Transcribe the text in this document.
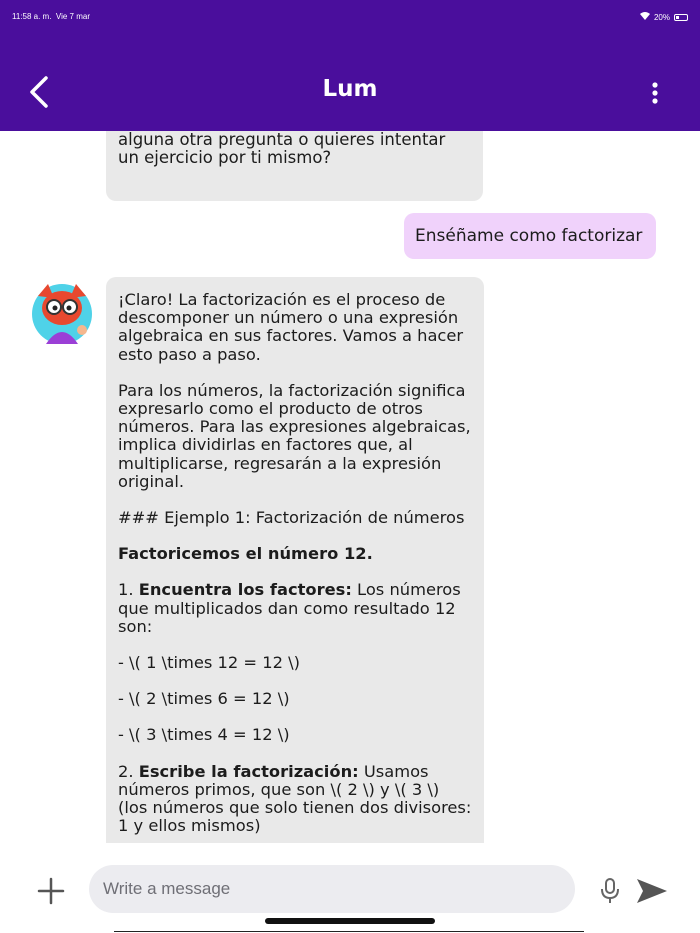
11:58 a. m. Vie 7 mar	20%
Lum
alguna otra pregunta o quieres intentar
un ejercicio por ti mismo?
Enséñame como factorizar

¡Claro! La factorización es el proceso de descomponer un número o una expresión algebraica en sus factores. Vamos a hacer esto paso a paso.

Para los números, la factorización significa expresarlo como el producto de otros números. Para las expresiones algebraicas, implica dividirlas en factores que, al multiplicarse, regresarán a la expresión original.

### Ejemplo 1: Factorización de números

Factoricemos el número 12.

1. Encuentra los factores: Los números que multiplicados dan como resultado 12 son:

- \( 1 \times 12 = 12 \)

- \( 2 \times 6 = 12 \)

- \( 3 \times 4 = 12 \)

2. Escribe la factorización: Usamos números primos, que son \( 2 \) y \( 3 \) (los números que solo tienen dos divisores: 1 y ellos mismos)

Write a message
